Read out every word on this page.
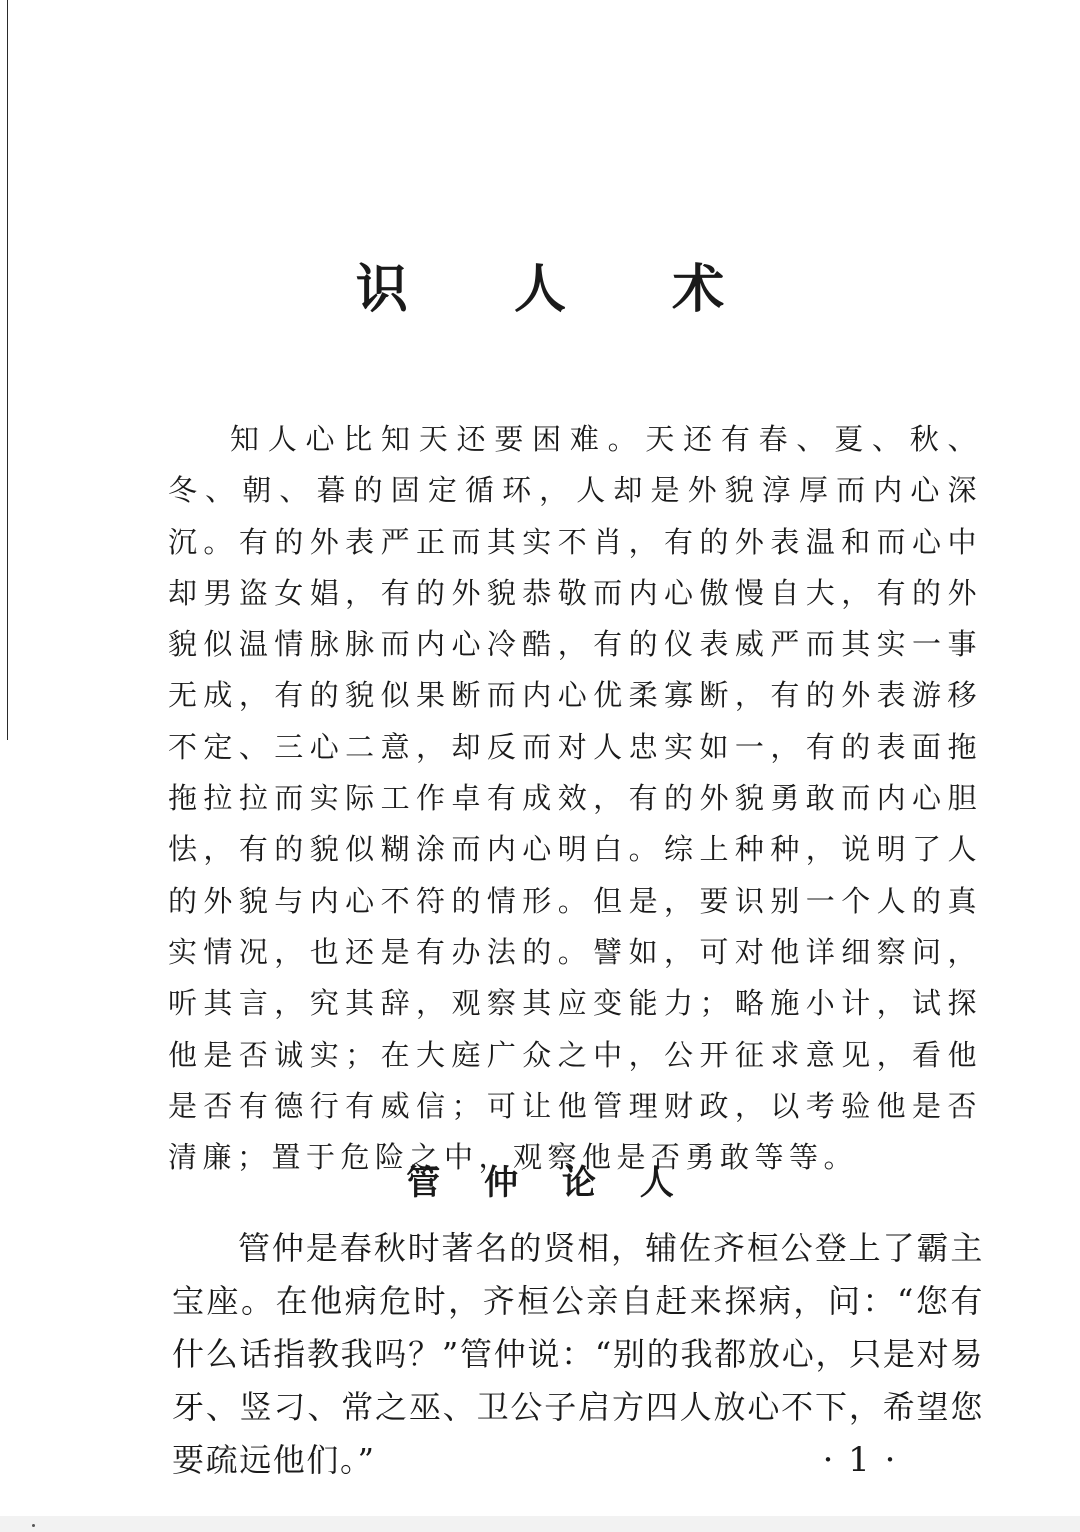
识 人 术

知人心比知天还要困难。天还有春、夏、秋、冬、朝、暮的固定循环，人却是外貌淳厚而内心深沉。有的外表严正而其实不肖，有的外表温和而心中却男盗女娼，有的外貌恭敬而内心傲慢自大，有的外貌似温情脉脉而内心冷酷，有的仪表威严而其实一事无成，有的貌似果断而内心优柔寡断，有的外表游移不定、三心二意，却反而对人忠实如一，有的表面拖拖拉拉而实际工作卓有成效，有的外貌勇敢而内心胆怯，有的貌似糊涂而内心明白。综上种种，说明了人的外貌与内心不符的情形。但是，要识别一个人的真实情况，也还是有办法的。譬如，可对他详细察问，听其言，究其辞，观察其应变能力；略施小计，试探他是否诚实；在大庭广众之中，公开征求意见，看他是否有德行有威信；可让他管理财政，以考验他是否清廉；置于危险之中，观察他是否勇敢等等。

管 仲 论 人

管仲是春秋时著名的贤相，辅佐齐桓公登上了霸主宝座。在他病危时，齐桓公亲自赶来探病，问：“您有什么话指教我吗？”管仲说：“别的我都放心，只是对易牙、竖刁、常之巫、卫公子启方四人放心不下，希望您要疏远他们。”	· 1 ·
